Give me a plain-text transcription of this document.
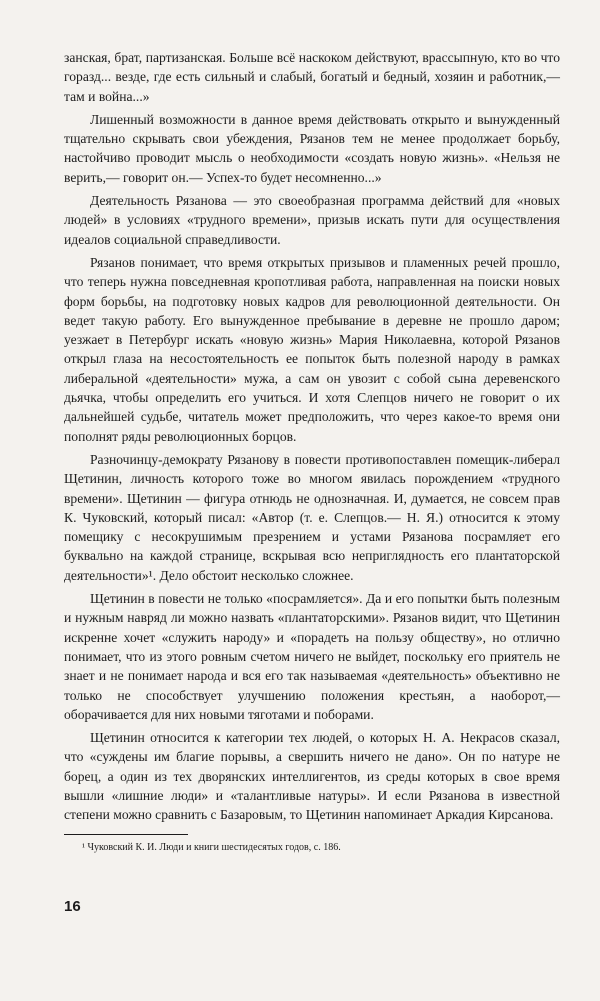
занская, брат, партизанская. Больше всё наскоком действуют, врассыпную, кто во что горазд... везде, где есть сильный и слабый, богатый и бедный, хозяин и работник,— там и война...»

Лишенный возможности в данное время действовать открыто и вынужденный тщательно скрывать свои убеждения, Рязанов тем не менее продолжает борьбу, настойчиво проводит мысль о необходимости «создать новую жизнь». «Нельзя не верить,— говорит он.— Успех-то будет несомненно...»

Деятельность Рязанова — это своеобразная программа действий для «новых людей» в условиях «трудного времени», призыв искать пути для осуществления идеалов социальной справедливости.

Рязанов понимает, что время открытых призывов и пламенных речей прошло, что теперь нужна повседневная кропотливая работа, направленная на поиски новых форм борьбы, на подготовку новых кадров для революционной деятельности. Он ведет такую работу. Его вынужденное пребывание в деревне не прошло даром; уезжает в Петербург искать «новую жизнь» Мария Николаевна, которой Рязанов открыл глаза на несостоятельность ее попыток быть полезной народу в рамках либеральной «деятельности» мужа, а сам он увозит с собой сына деревенского дьячка, чтобы определить его учиться. И хотя Слепцов ничего не говорит о их дальнейшей судьбе, читатель может предположить, что через какое-то время они пополнят ряды революционных борцов.

Разночинцу-демократу Рязанову в повести противопоставлен помещик-либерал Щетинин, личность которого тоже во многом явилась порождением «трудного времени». Щетинин — фигура отнюдь не однозначная. И, думается, не совсем прав К. Чуковский, который писал: «Автор (т. е. Слепцов.— Н. Я.) относится к этому помещику с несокрушимым презрением и устами Рязанова посрамляет его буквально на каждой странице, вскрывая всю неприглядность его плантаторской деятельности»¹. Дело обстоит несколько сложнее.

Щетинин в повести не только «посрамляется». Да и его попытки быть полезным и нужным навряд ли можно назвать «плантаторскими». Рязанов видит, что Щетинин искренне хочет «служить народу» и «порадеть на пользу обществу», но отлично понимает, что из этого ровным счетом ничего не выйдет, поскольку его приятель не знает и не понимает народа и вся его так называемая «деятельность» объективно не только не способствует улучшению положения крестьян, а наоборот,— оборачивается для них новыми тяготами и поборами.

Щетинин относится к категории тех людей, о которых Н. А. Некрасов сказал, что «суждены им благие порывы, а свершить ничего не дано». Он по натуре не борец, а один из тех дворянских интеллигентов, из среды которых в свое время вышли «лишние люди» и «талантливые натуры». И если Рязанова в известной степени можно сравнить с Базаровым, то Щетинин напоминает Аркадия Кирсанова.

¹ Чуковский К. И. Люди и книги шестидесятых годов, с. 186.

16
